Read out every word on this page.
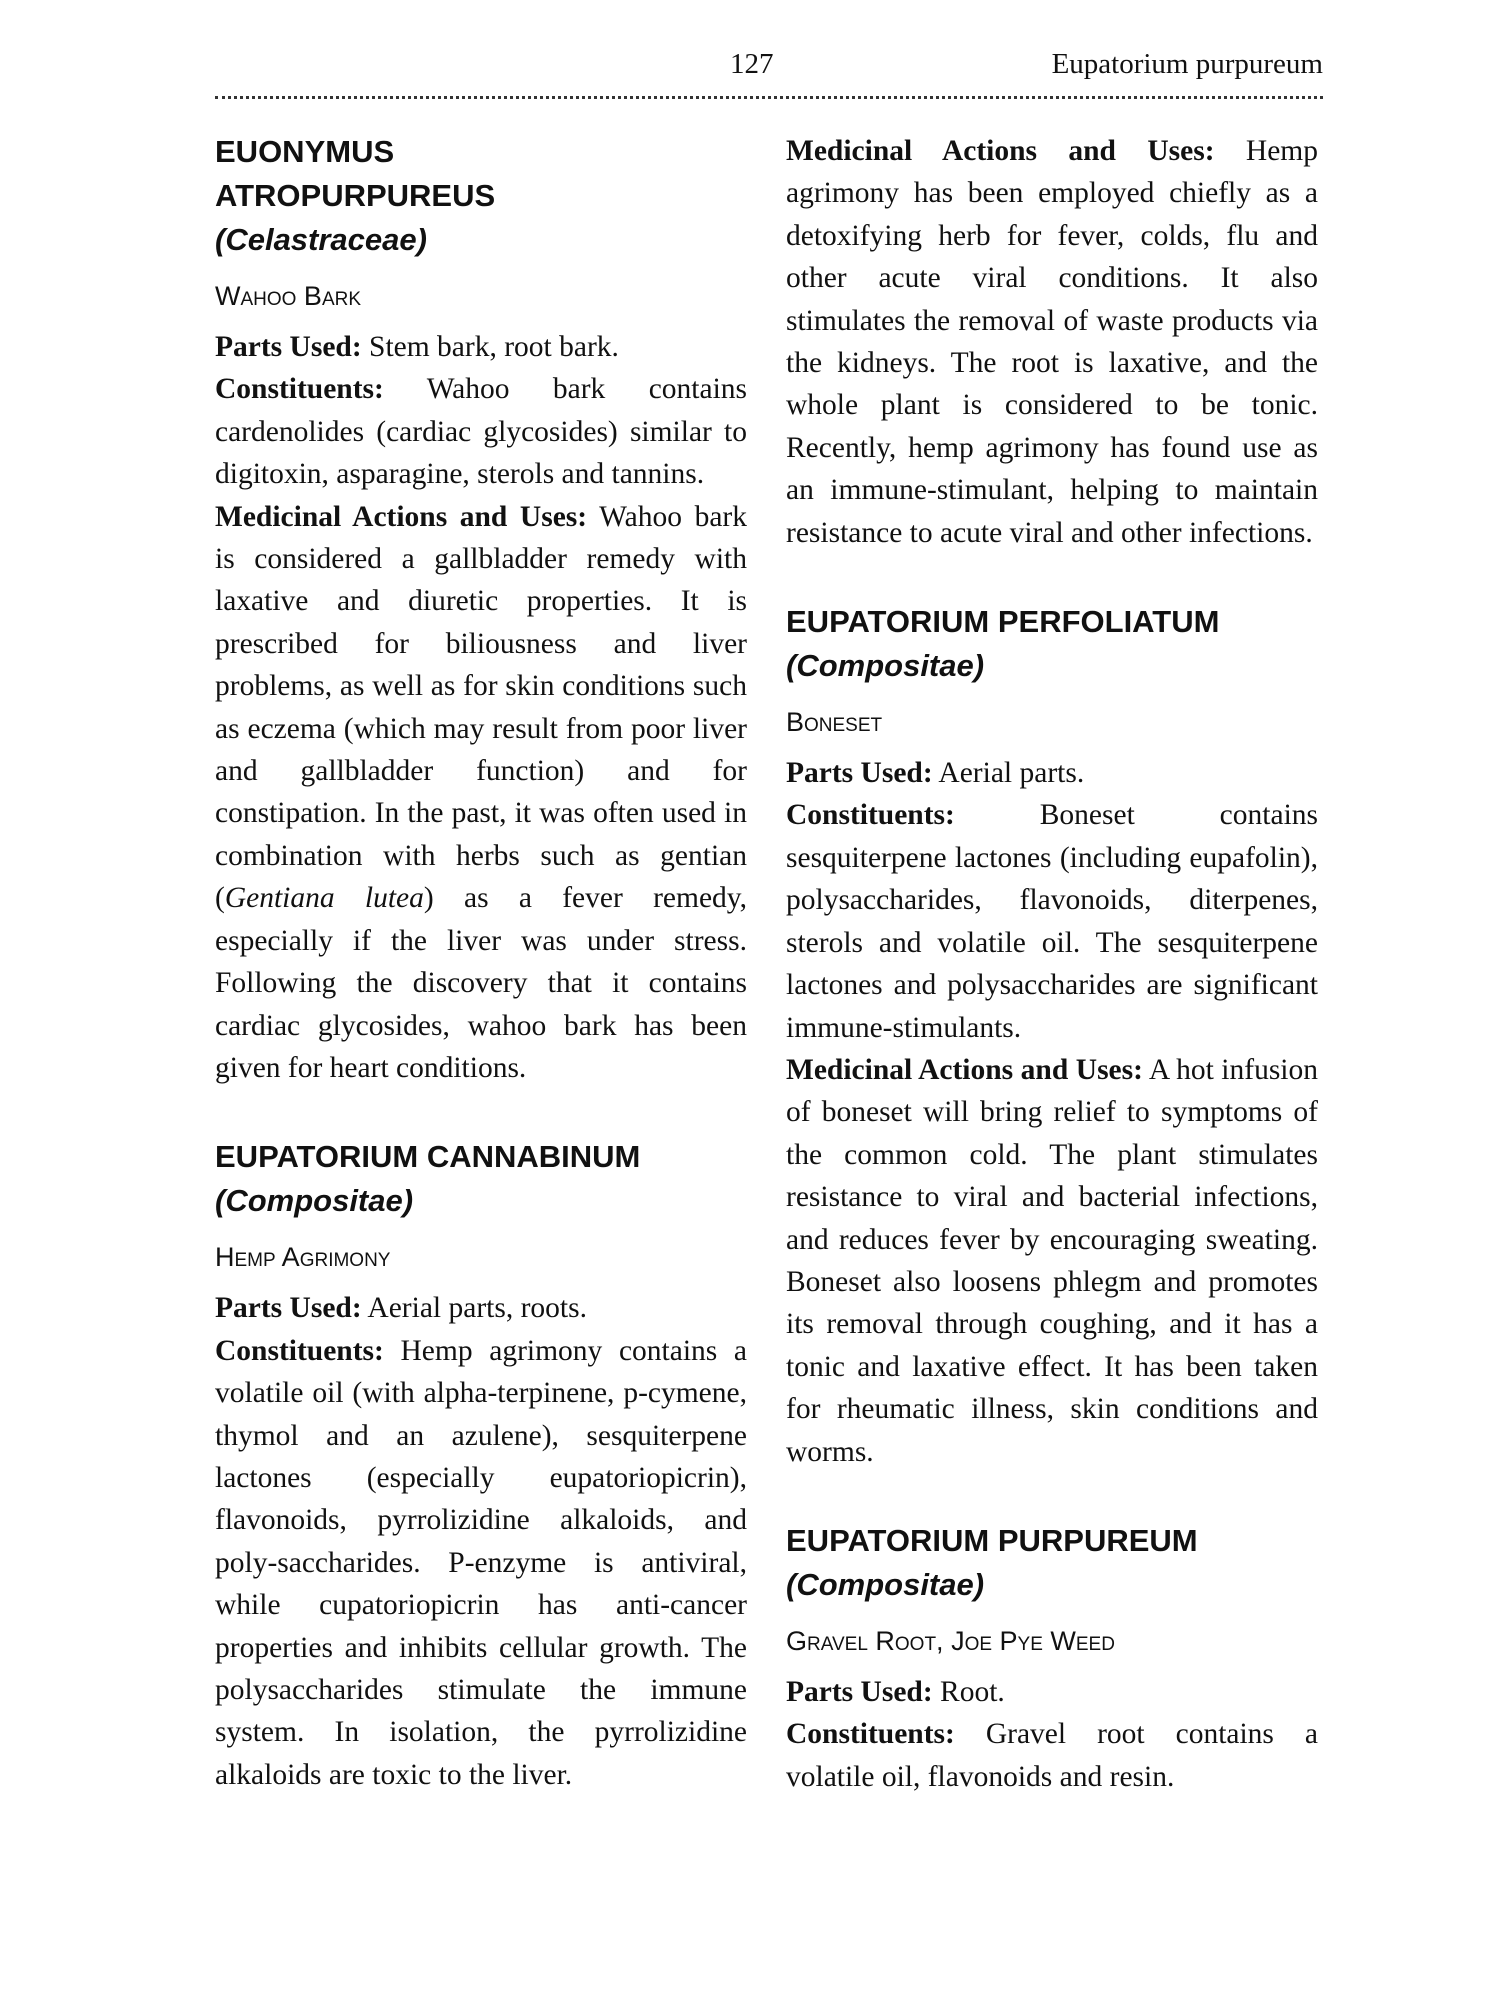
127	Eupatorium purpureum
EUONYMUS ATROPURPUREUS
(Celastraceae)
Wahoo Bark

Parts Used: Stem bark, root bark.

Constituents: Wahoo bark contains cardenolides (cardiac glycosides) similar to digitoxin, asparagine, sterols and tannins.

Medicinal Actions and Uses: Wahoo bark is considered a gallbladder remedy with laxative and diuretic properties. It is prescribed for biliousness and liver problems, as well as for skin conditions such as eczema (which may result from poor liver and gallbladder function) and for constipation. In the past, it was often used in combination with herbs such as gentian (Gentiana lutea) as a fever remedy, especially if the liver was under stress. Following the discovery that it contains cardiac glycosides, wahoo bark has been given for heart conditions.

EUPATORIUM CANNABINUM
(Compositae)
Hemp Agrimony

Parts Used: Aerial parts, roots.

Constituents: Hemp agrimony contains a volatile oil (with alpha-terpinene, p-cymene, thymol and an azulene), sesquiterpene lactones (especially eupatoriopicrin), flavonoids, pyrrolizidine alkaloids, and poly-saccharides. P-enzyme is antiviral, while cupatoriopicrin has anti-cancer properties and inhibits cellular growth. The polysaccharides stimulate the immune system. In isolation, the pyrrolizidine alkaloids are toxic to the liver.

Medicinal Actions and Uses: Hemp agrimony has been employed chiefly as a detoxifying herb for fever, colds, flu and other acute viral conditions. It also stimulates the removal of waste products via the kidneys. The root is laxative, and the whole plant is considered to be tonic. Recently, hemp agrimony has found use as an immune-stimulant, helping to maintain resistance to acute viral and other infections.

EUPATORIUM PERFOLIATUM
(Compositae)
Boneset

Parts Used: Aerial parts.

Constituents:	Boneset contains sesquiterpene lactones (including eupafolin), polysaccharides, flavonoids, diterpenes, sterols and volatile oil. The sesquiterpene lactones and polysaccharides are significant immune-stimulants.

Medicinal Actions and Uses: A hot infusion of boneset will bring relief to symptoms of the common cold. The plant stimulates resistance to viral and bacterial infections, and reduces fever by encouraging sweating. Boneset also loosens phlegm and promotes its removal through coughing, and it has a tonic and laxative effect. It has been taken for rheumatic illness, skin conditions and worms.

EUPATORIUM PURPUREUM
(Compositae)
Gravel Root, Joe Pye Weed

Parts Used: Root.

Constituents: Gravel root contains a volatile oil, flavonoids and resin.
